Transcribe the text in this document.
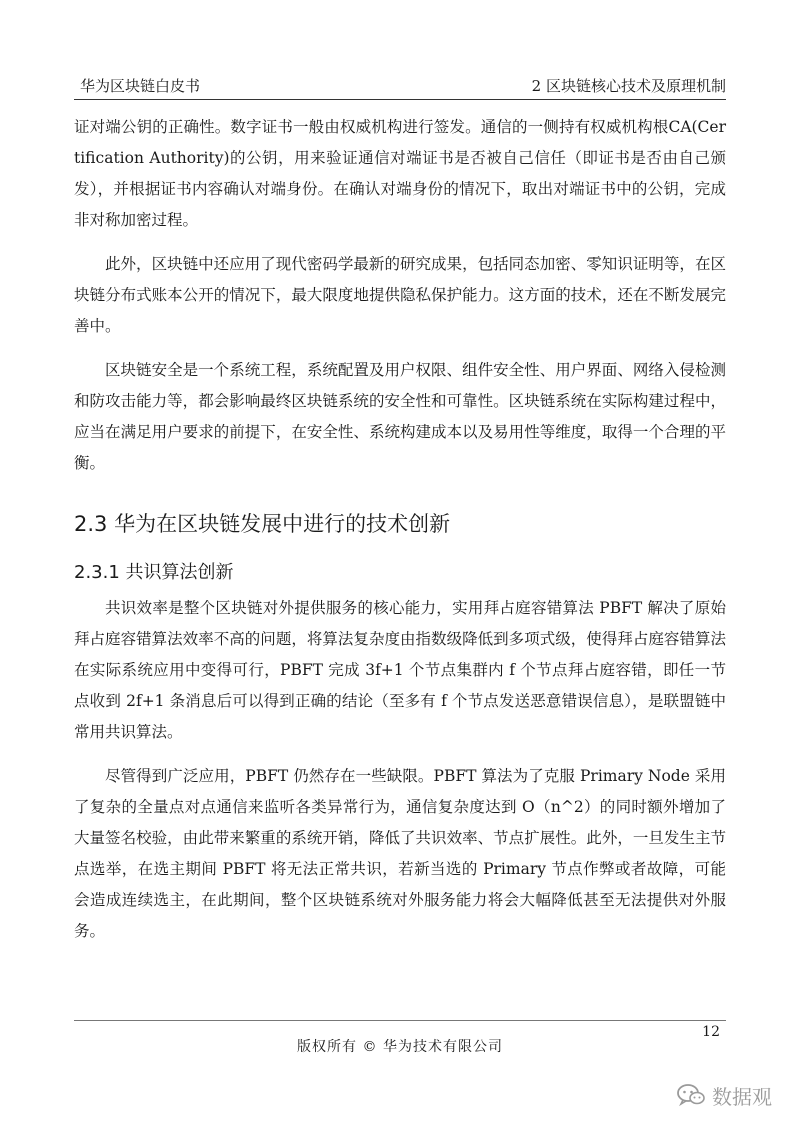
华为区块链白皮书	2 区块链核心技术及原理机制

证对端公钥的正确性。数字证书一般由权威机构进行签发。通信的一侧持有权威机构根CA(Certification Authority)的公钥，用来验证通信对端证书是否被自己信任（即证书是否由自己颁发），并根据证书内容确认对端身份。在确认对端身份的情况下，取出对端证书中的公钥，完成非对称加密过程。

此外，区块链中还应用了现代密码学最新的研究成果，包括同态加密、零知识证明等，在区块链分布式账本公开的情况下，最大限度地提供隐私保护能力。这方面的技术，还在不断发展完善中。

区块链安全是一个系统工程，系统配置及用户权限、组件安全性、用户界面、网络入侵检测和防攻击能力等，都会影响最终区块链系统的安全性和可靠性。区块链系统在实际构建过程中，应当在满足用户要求的前提下，在安全性、系统构建成本以及易用性等维度，取得一个合理的平衡。

2.3 华为在区块链发展中进行的技术创新
2.3.1 共识算法创新

共识效率是整个区块链对外提供服务的核心能力，实用拜占庭容错算法 PBFT 解决了原始拜占庭容错算法效率不高的问题，将算法复杂度由指数级降低到多项式级，使得拜占庭容错算法在实际系统应用中变得可行，PBFT 完成 3f+1 个节点集群内 f 个节点拜占庭容错，即任一节点收到 2f+1 条消息后可以得到正确的结论（至多有 f 个节点发送恶意错误信息），是联盟链中常用共识算法。

尽管得到广泛应用，PBFT 仍然存在一些缺限。PBFT 算法为了克服 Primary Node 采用了复杂的全量点对点通信来监听各类异常行为，通信复杂度达到 O（n^2）的同时额外增加了大量签名校验，由此带来繁重的系统开销，降低了共识效率、节点扩展性。此外，一旦发生主节点选举，在选主期间 PBFT 将无法正常共识，若新当选的 Primary 节点作弊或者故障，可能会造成连续选主，在此期间，整个区块链系统对外服务能力将会大幅降低甚至无法提供对外服务。

12
版权所有 © 华为技术有限公司
数据观
